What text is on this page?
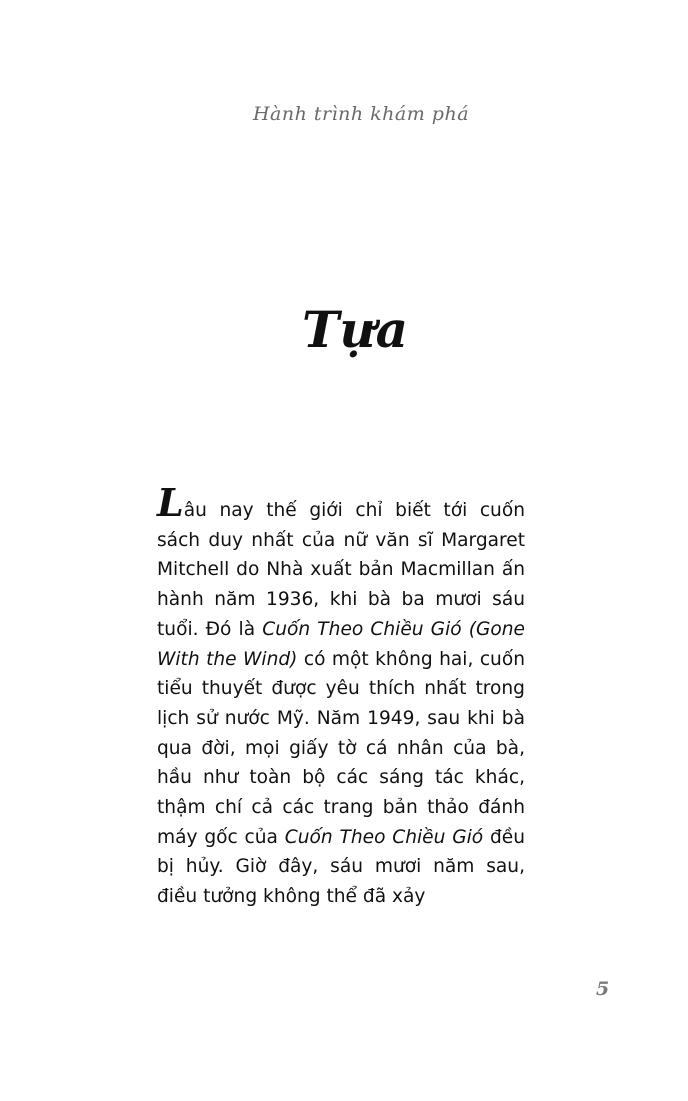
Hành trình khám phá
Tựa

Lâu nay thế giới chỉ biết tới cuốn sách duy nhất của nữ văn sĩ Margaret Mitchell do Nhà xuất bản Macmillan ấn hành năm 1936, khi bà ba mươi sáu tuổi. Đó là Cuốn Theo Chiều Gió (Gone With the Wind) có một không hai, cuốn tiểu thuyết được yêu thích nhất trong lịch sử nước Mỹ. Năm 1949, sau khi bà qua đời, mọi giấy tờ cá nhân của bà, hầu như toàn bộ các sáng tác khác, thậm chí cả các trang bản thảo đánh máy gốc của Cuốn Theo Chiều Gió đều bị hủy. Giờ đây, sáu mươi năm sau, điều tưởng không thể đã xảy

5
